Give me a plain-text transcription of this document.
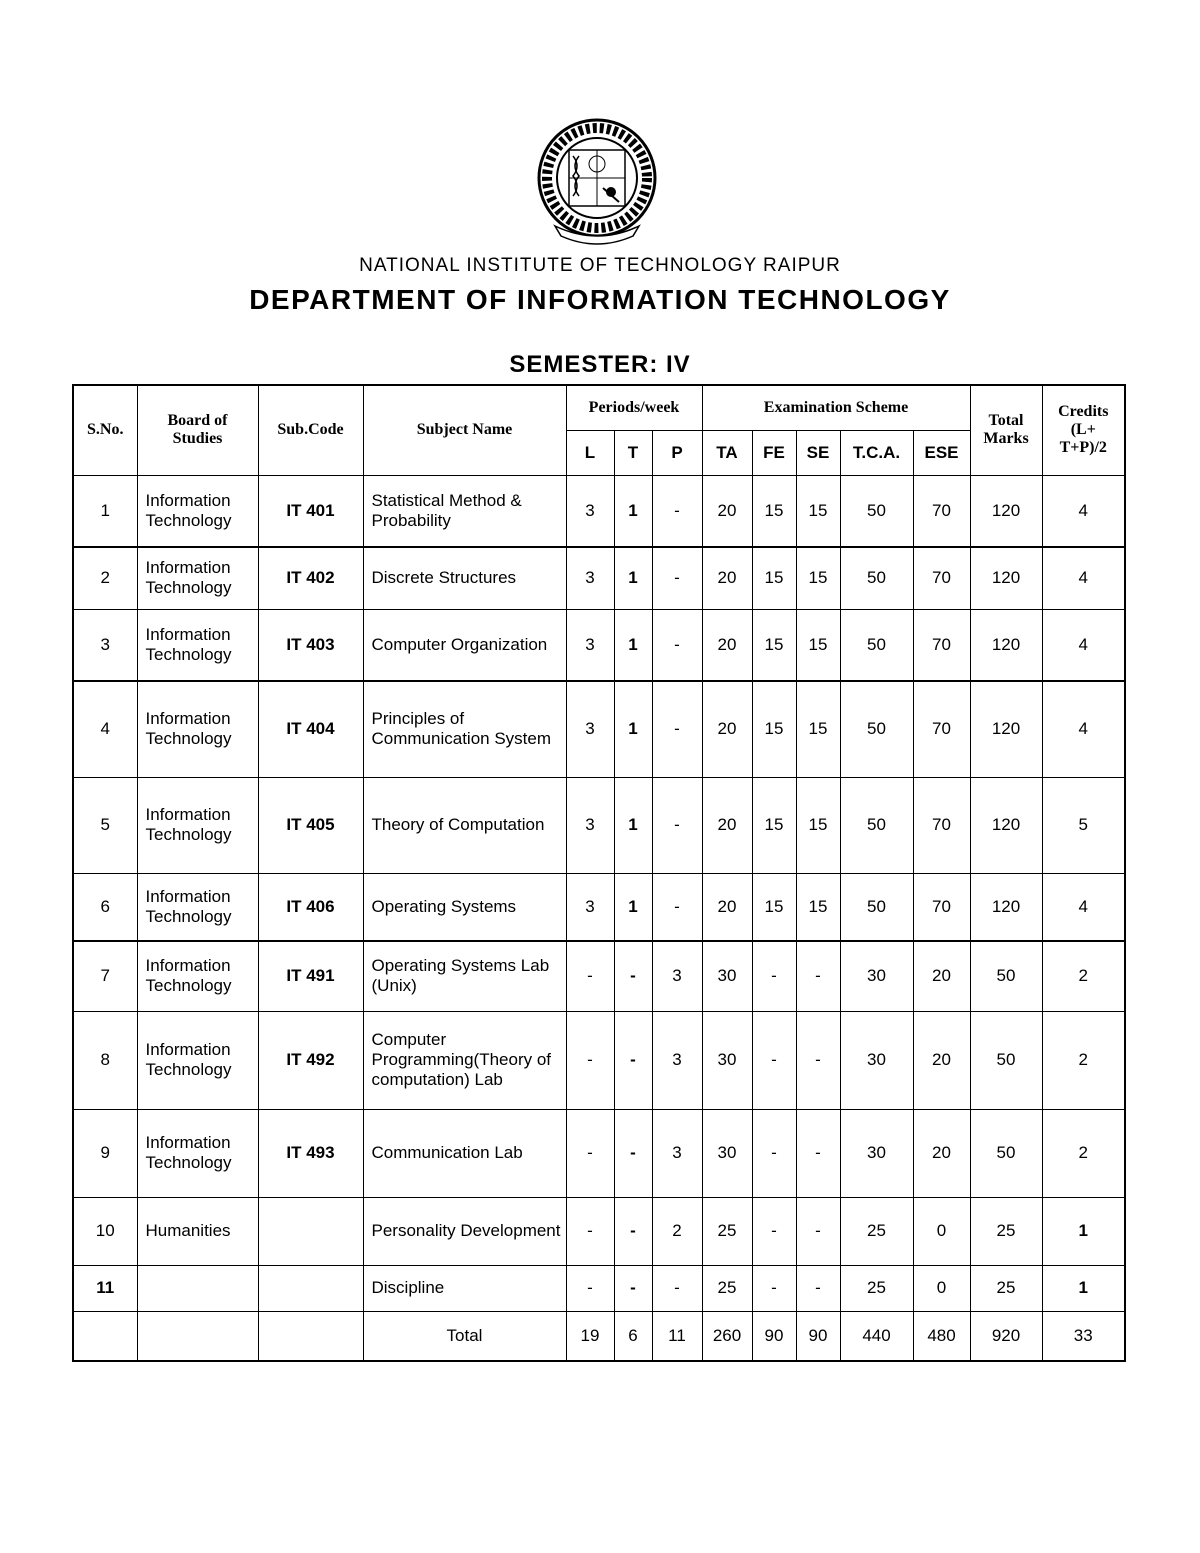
NATIONAL INSTITUTE OF TECHNOLOGY RAIPUR
DEPARTMENT OF INFORMATION TECHNOLOGY
SEMESTER: IV
S.No.	Board of Studies	Sub.Code	Subject Name	Periods/week			Examination Scheme					Total Marks	Credits (L+ T+P)/2
				L	T	P	TA	FE	SE	T.C.A.	ESE		
1	Information Technology	IT 401	Statistical Method & Probability	3	1	-	20	15	15	50	70	120	4
2	Information Technology	IT 402	Discrete Structures	3	1	-	20	15	15	50	70	120	4
3	Information Technology	IT 403	Computer Organization	3	1	-	20	15	15	50	70	120	4
4	Information Technology	IT 404	Principles of Communication System	3	1	-	20	15	15	50	70	120	4
5	Information Technology	IT 405	Theory of Computation	3	1	-	20	15	15	50	70	120	5
6	Information Technology	IT 406	Operating Systems	3	1	-	20	15	15	50	70	120	4
7	Information Technology	IT 491	Operating Systems Lab (Unix)	-	-	3	30	-	-	30	20	50	2
8	Information Technology	IT 492	Computer Programming(Theory of computation) Lab	-	-	3	30	-	-	30	20	50	2
9	Information Technology	IT 493	Communication Lab	-	-	3	30	-	-	30	20	50	2
10	Humanities		Personality Development	-	-	2	25	-	-	25	0	25	1
11			Discipline	-	-	-	25	-	-	25	0	25	1
			Total	19	6	11	260	90	90	440	480	920	33
